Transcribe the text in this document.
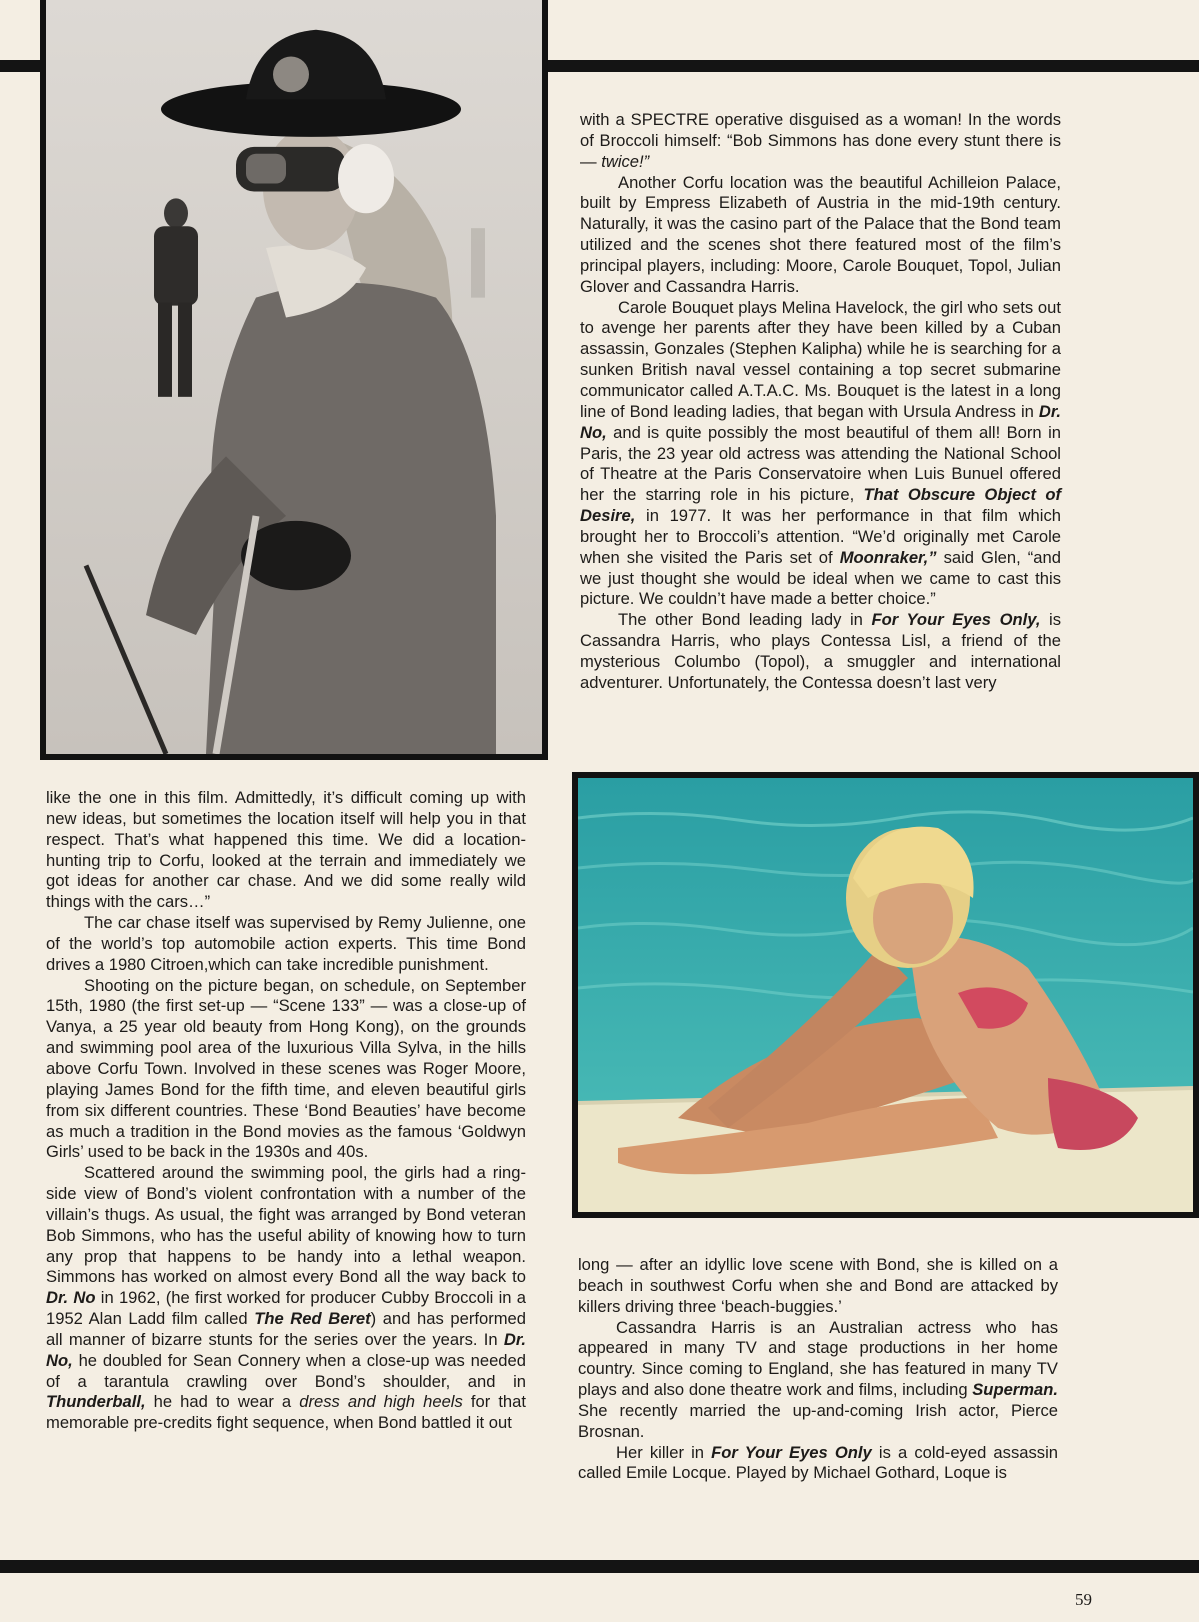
with a SPECTRE operative disguised as a woman! In the words of Broccoli himself: “Bob Simmons has done every stunt there is — twice!”

Another Corfu location was the beautiful Achilleion Palace, built by Empress Elizabeth of Austria in the mid-19th century. Naturally, it was the casino part of the Palace that the Bond team utilized and the scenes shot there featured most of the film’s principal players, including: Moore, Carole Bouquet, Topol, Julian Glover and Cassandra Harris.

Carole Bouquet plays Melina Havelock, the girl who sets out to avenge her parents after they have been killed by a Cuban assassin, Gonzales (Stephen Kalipha) while he is searching for a sunken British naval vessel containing a top secret submarine communicator called A.T.A.C. Ms. Bouquet is the latest in a long line of Bond leading ladies, that began with Ursula Andress in Dr. No, and is quite possibly the most beautiful of them all! Born in Paris, the 23 year old actress was attending the National School of Theatre at the Paris Conservatoire when Luis Bunuel offered her the starring role in his picture, That Obscure Object of Desire, in 1977. It was her performance in that film which brought her to Broccoli’s attention. “We’d originally met Carole when she visited the Paris set of Moonraker,” said Glen, “and we just thought she would be ideal when we came to cast this picture. We couldn’t have made a better choice.”

The other Bond leading lady in For Your Eyes Only, is Cassandra Harris, who plays Contessa Lisl, a friend of the mysterious Columbo (Topol), a smuggler and international adventurer. Unfortunately, the Contessa doesn’t last very

like the one in this film. Admittedly, it’s difficult coming up with new ideas, but sometimes the location itself will help you in that respect. That’s what happened this time. We did a location-hunting trip to Corfu, looked at the terrain and immediately we got ideas for another car chase. And we did some really wild things with the cars…”

The car chase itself was supervised by Remy Julienne, one of the world’s top automobile action experts. This time Bond drives a 1980 Citroen,which can take incredible punishment.

Shooting on the picture began, on schedule, on September 15th, 1980 (the first set-up — “Scene 133” — was a close-up of Vanya, a 25 year old beauty from Hong Kong), on the grounds and swimming pool area of the luxurious Villa Sylva, in the hills above Corfu Town. Involved in these scenes was Roger Moore, playing James Bond for the fifth time, and eleven beautiful girls from six different countries. These ‘Bond Beauties’ have become as much a tradition in the Bond movies as the famous ‘Goldwyn Girls’ used to be back in the 1930s and 40s.

Scattered around the swimming pool, the girls had a ring-side view of Bond’s violent confrontation with a number of the villain’s thugs. As usual, the fight was arranged by Bond veteran Bob Simmons, who has the useful ability of knowing how to turn any prop that happens to be handy into a lethal weapon. Simmons has worked on almost every Bond all the way back to Dr. No in 1962, (he first worked for producer Cubby Broccoli in a 1952 Alan Ladd film called The Red Beret) and has performed all manner of bizarre stunts for the series over the years. In Dr. No, he doubled for Sean Connery when a close-up was needed of a tarantula crawling over Bond’s shoulder, and in Thunderball, he had to wear a dress and high heels for that memorable pre-credits fight sequence, when Bond battled it out

long — after an idyllic love scene with Bond, she is killed on a beach in southwest Corfu when she and Bond are attacked by killers driving three ‘beach-buggies.’

Cassandra Harris is an Australian actress who has appeared in many TV and stage productions in her home country. Since coming to England, she has featured in many TV plays and also done theatre work and films, including Superman. She recently married the up-and-coming Irish actor, Pierce Brosnan.

Her killer in For Your Eyes Only is a cold-eyed assassin called Emile Locque. Played by Michael Gothard, Loque is

59
